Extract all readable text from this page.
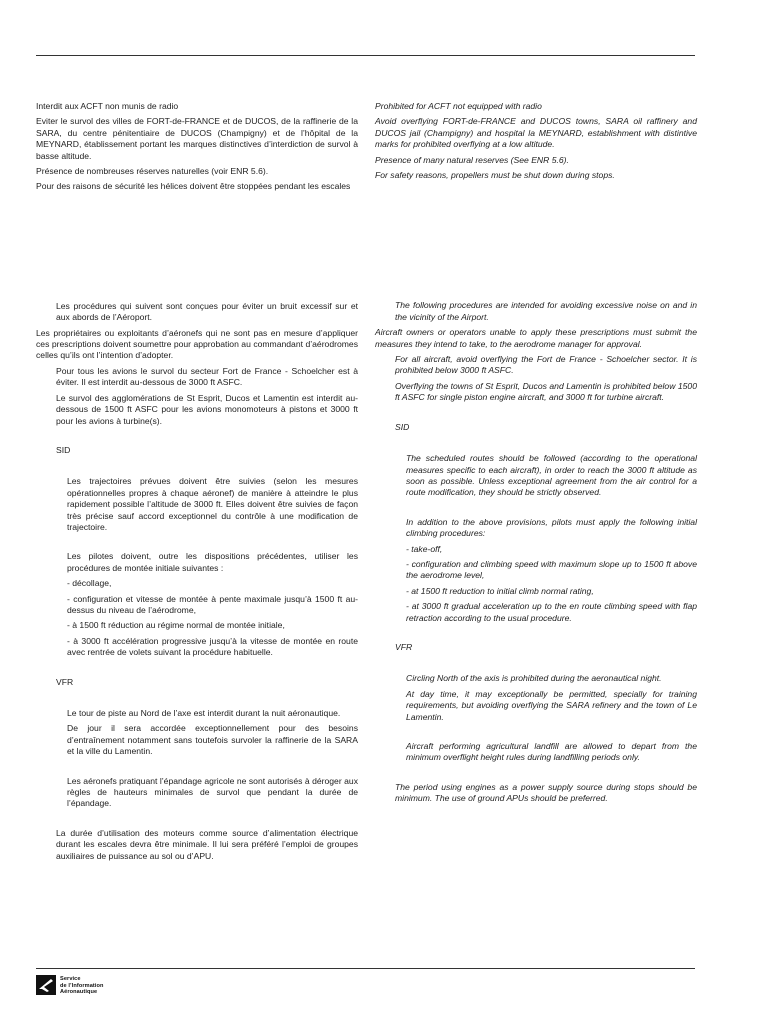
Interdit aux ACFT non munis de radio

Eviter le survol des villes de FORT-de-FRANCE et de DUCOS, de la raffinerie de la SARA, du centre pénitentiaire de DUCOS (Champigny) et de l’hôpital de la MEYNARD, établissement portant les marques distinctives d’interdiction de survol à basse altitude.

Présence de nombreuses réserves naturelles (voir ENR 5.6).

Pour des raisons de sécurité les hélices doivent être stoppées pendant les escales

Les procédures qui suivent sont conçues pour éviter un bruit excessif sur et aux abords de l’Aéroport.

Les propriétaires ou exploitants d’aéronefs qui ne sont pas en mesure d’appliquer ces prescriptions doivent soumettre pour approbation au commandant d’aérodromes celles qu’ils ont l’intention d’adopter.

Pour tous les avions le survol du secteur Fort de France - Schoelcher est à éviter. Il est interdit au-dessous de 3000 ft ASFC.

Le survol des agglomérations de St Esprit, Ducos et Lamentin est interdit au-dessous de 1500 ft ASFC pour les avions monomoteurs à pistons et 3000 ft pour les avions à turbine(s).

SID

Les trajectoires prévues doivent être suivies (selon les mesures opérationnelles propres à chaque aéronef) de manière à atteindre le plus rapidement possible l’altitude de 3000 ft. Elles doivent être suivies de façon très précise sauf accord exceptionnel du contrôle à une modification de trajectoire.

Les pilotes doivent, outre les dispositions précédentes, utiliser les procédures de montée initiale suivantes :

- décollage,

- configuration et vitesse de montée à pente maximale jusqu’à 1500 ft au-dessus du niveau de l’aérodrome,

- à 1500 ft réduction au régime normal de montée initiale,

- à 3000 ft accélération progressive jusqu’à la vitesse de montée en route avec rentrée de volets suivant la procédure habituelle.

VFR

Le tour de piste au Nord de l’axe est interdit durant la nuit aéronautique.

De jour il sera accordée exceptionnellement pour des besoins d’entraînement notamment sans toutefois survoler la raffinerie de la SARA et la ville du Lamentin.

Les aéronefs pratiquant l’épandage agricole ne sont autorisés à déroger aux règles de hauteurs minimales de survol que pendant la durée de l’épandage.

La durée d’utilisation des moteurs comme source d’alimentation électrique durant les escales devra être minimale. Il lui sera préféré l’emploi de groupes auxiliaires de puissance au sol ou d’APU.

Prohibited for ACFT not equipped with radio

Avoid overflying FORT-de-FRANCE and DUCOS towns, SARA oil raffinery and DUCOS jail (Champigny) and hospital la MEYNARD, establishment with distintive marks for prohibited overflying at a low altitude.

Presence of many natural reserves (See ENR 5.6).

For safety reasons, propellers must be shut down during stops.

The following procedures are intended for avoiding excessive noise on and in the vicinity of the Airport.

Aircraft owners or operators unable to apply these prescriptions must submit the measures they intend to take, to the aerodrome manager for approval.

For all aircraft, avoid overflying the Fort de France - Schoelcher sector. It is prohibited below 3000 ft ASFC.

Overflying the towns of St Esprit, Ducos and Lamentin is prohibited below 1500 ft ASFC for single piston engine aircraft, and 3000 ft for turbine aircraft.

SID

The scheduled routes should be followed (according to the operational measures specific to each aircraft), in order to reach the 3000 ft altitude as soon as possible. Unless exceptional agreement from the air control for a route modification, they should be strictly observed.

In addition to the above provisions, pilots must apply the following initial climbing procedures:

- take-off,

- configuration and climbing speed with maximum slope up to 1500 ft above the aerodrome level,

- at 1500 ft reduction to initial climb normal rating,

- at 3000 ft gradual acceleration up to the en route climbing speed with flap retraction according to the usual procedure.

VFR

Circling North of the axis is prohibited during the aeronautical night.

At day time, it may exceptionally be permitted, specially for training requirements, but avoiding overflying the SARA refinery and the town of Le Lamentin.

Aircraft performing agricultural landfill are allowed to depart from the minimum overflight height rules during landfilling periods only.

The period using engines as a power supply source during stops should be minimum. The use of ground APUs should be preferred.

Service
de l’Information
Aéronautique
